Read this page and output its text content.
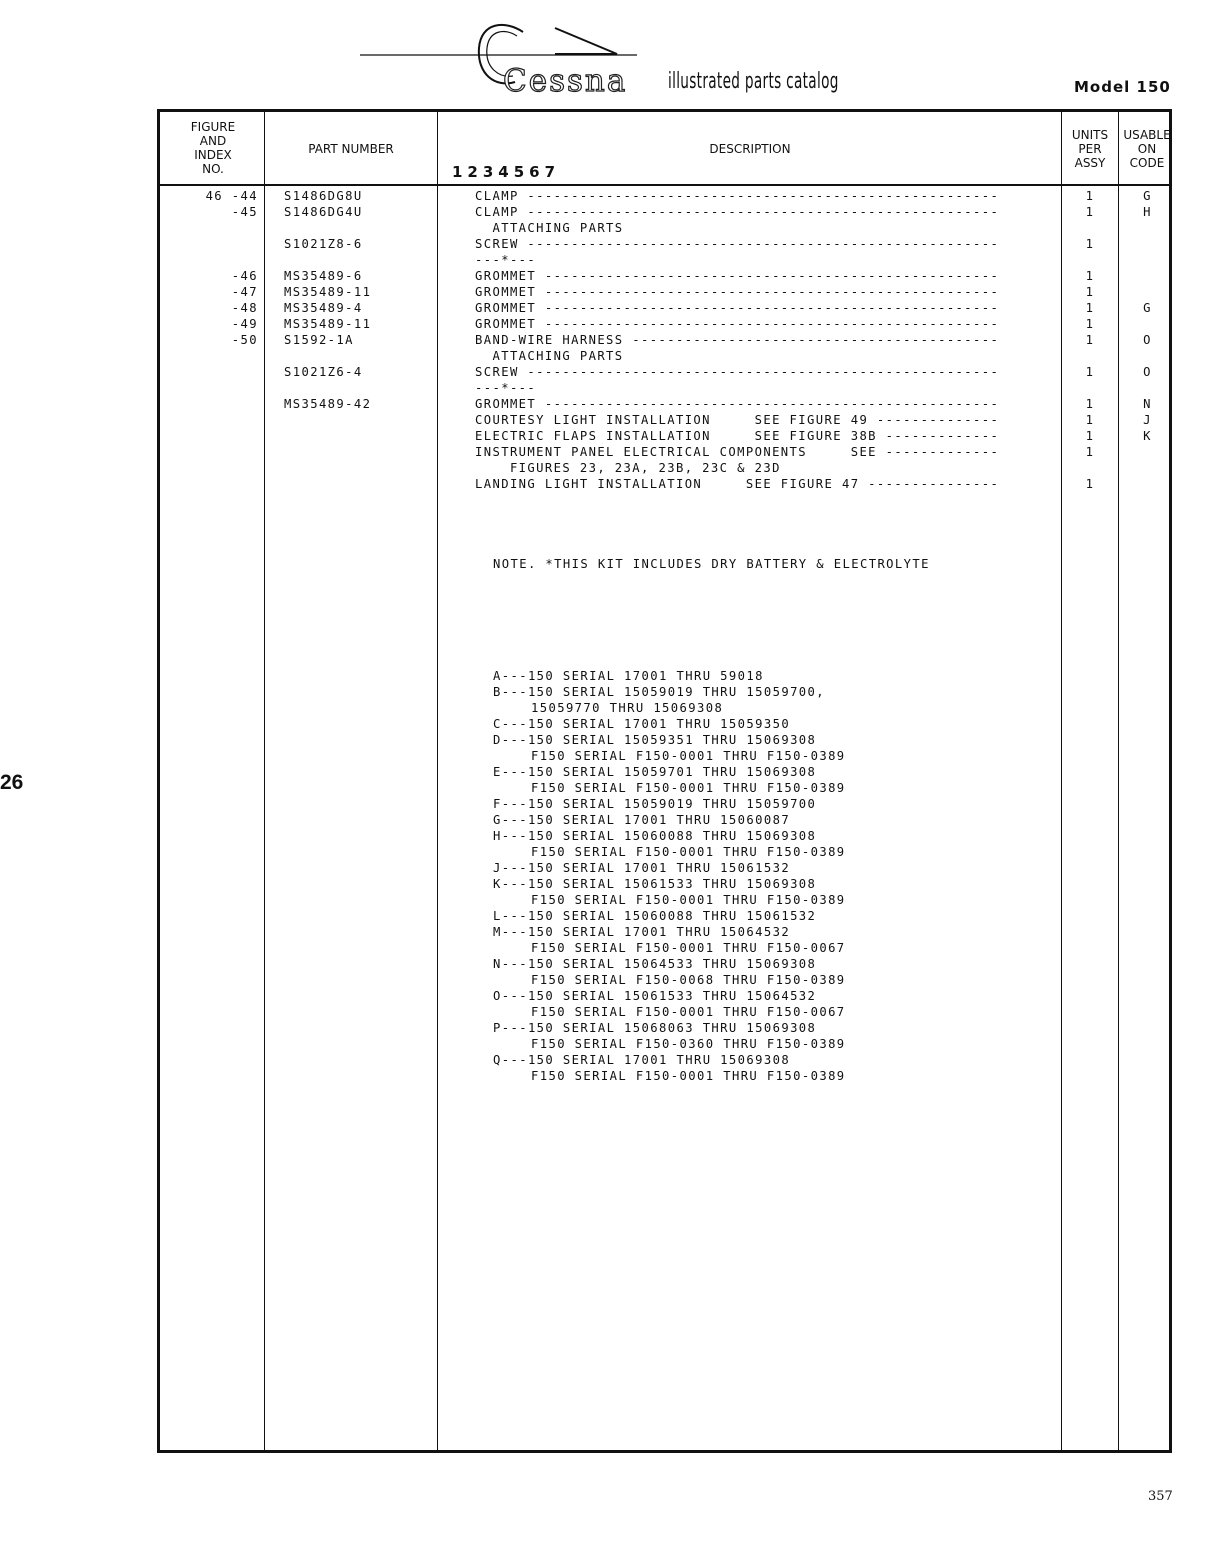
Cessna illustrated parts catalog	Model 150
26
FIGURE
AND
INDEX
NO.
PART NUMBER	DESCRIPTION
1234567
UNITS
PER
ASSY
USABLE
ON
CODE
46 -44
-45
-46
-47
-48
-49
-50
S1486DG8U
S1486DG4U
S1021Z8-6
MS35489-6
MS35489-11
MS35489-4
MS35489-11
S1592-1A
S1021Z6-4
MS35489-42
CLAMP ------------------------------------------------------
CLAMP ------------------------------------------------------
ATTACHING PARTS
SCREW ------------------------------------------------------
---*---
GROMMET ----------------------------------------------------
GROMMET ----------------------------------------------------
GROMMET ----------------------------------------------------
GROMMET ----------------------------------------------------
BAND-WIRE HARNESS ------------------------------------------
ATTACHING PARTS
SCREW ------------------------------------------------------
---*---
GROMMET ----------------------------------------------------
COURTESY LIGHT INSTALLATION     SEE FIGURE 49 --------------
ELECTRIC FLAPS INSTALLATION     SEE FIGURE 38B -------------
INSTRUMENT PANEL ELECTRICAL COMPONENTS     SEE -------------
FIGURES 23, 23A, 23B, 23C & 23D
LANDING LIGHT INSTALLATION     SEE FIGURE 47 ---------------
1
1
1
1
1
1
1
1
1
1
1
1
1
1
G
H
G
O
O
N
J
K

NOTE. *THIS KIT INCLUDES DRY BATTERY & ELECTROLYTE

A---150 SERIAL 17001 THRU 59018
B---150 SERIAL 15059019 THRU 15059700,
15059770 THRU 15069308
C---150 SERIAL 17001 THRU 15059350
D---150 SERIAL 15059351 THRU 15069308
F150 SERIAL F150-0001 THRU F150-0389
E---150 SERIAL 15059701 THRU 15069308
F150 SERIAL F150-0001 THRU F150-0389
F---150 SERIAL 15059019 THRU 15059700
G---150 SERIAL 17001 THRU 15060087
H---150 SERIAL 15060088 THRU 15069308
F150 SERIAL F150-0001 THRU F150-0389
J---150 SERIAL 17001 THRU 15061532
K---150 SERIAL 15061533 THRU 15069308
F150 SERIAL F150-0001 THRU F150-0389
L---150 SERIAL 15060088 THRU 15061532
M---150 SERIAL 17001 THRU 15064532
F150 SERIAL F150-0001 THRU F150-0067
N---150 SERIAL 15064533 THRU 15069308
F150 SERIAL F150-0068 THRU F150-0389
O---150 SERIAL 15061533 THRU 15064532
F150 SERIAL F150-0001 THRU F150-0067
P---150 SERIAL 15068063 THRU 15069308
F150 SERIAL F150-0360 THRU F150-0389
Q---150 SERIAL 17001 THRU 15069308
F150 SERIAL F150-0001 THRU F150-0389

357
